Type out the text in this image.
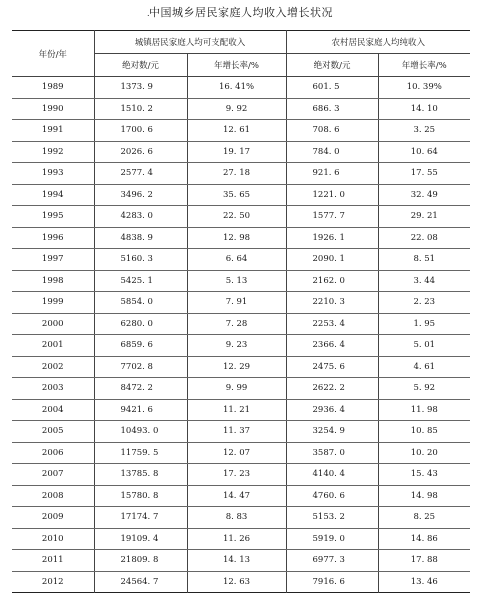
. 中国城乡居民家庭人均收入增长状况
年份/年	城镇居民家庭人均可支配收入		农村居民家庭人均纯收入	
	绝对数/元	年增长率/%	绝对数/元	年增长率/%
1989	1373. 9	16. 41%	601. 5	10. 39%
1990	1510. 2	9. 92	686. 3	14. 10
1991	1700. 6	12. 61	708. 6	3. 25
1992	2026. 6	19. 17	784. 0	10. 64
1993	2577. 4	27. 18	921. 6	17. 55
1994	3496. 2	35. 65	1221. 0	32. 49
1995	4283. 0	22. 50	1577. 7	29. 21
1996	4838. 9	12. 98	1926. 1	22. 08
1997	5160. 3	6. 64	2090. 1	8. 51
1998	5425. 1	5. 13	2162. 0	3. 44
1999	5854. 0	7. 91	2210. 3	2. 23
2000	6280. 0	7. 28	2253. 4	1. 95
2001	6859. 6	9. 23	2366. 4	5. 01
2002	7702. 8	12. 29	2475. 6	4. 61
2003	8472. 2	9. 99	2622. 2	5. 92
2004	9421. 6	11. 21	2936. 4	11. 98
2005	10493. 0	11. 37	3254. 9	10. 85
2006	11759. 5	12. 07	3587. 0	10. 20
2007	13785. 8	17. 23	4140. 4	15. 43
2008	15780. 8	14. 47	4760. 6	14. 98
2009	17174. 7	8. 83	5153. 2	8. 25
2010	19109. 4	11. 26	5919. 0	14. 86
2011	21809. 8	14. 13	6977. 3	17. 88
2012	24564. 7	12. 63	7916. 6	13. 46
